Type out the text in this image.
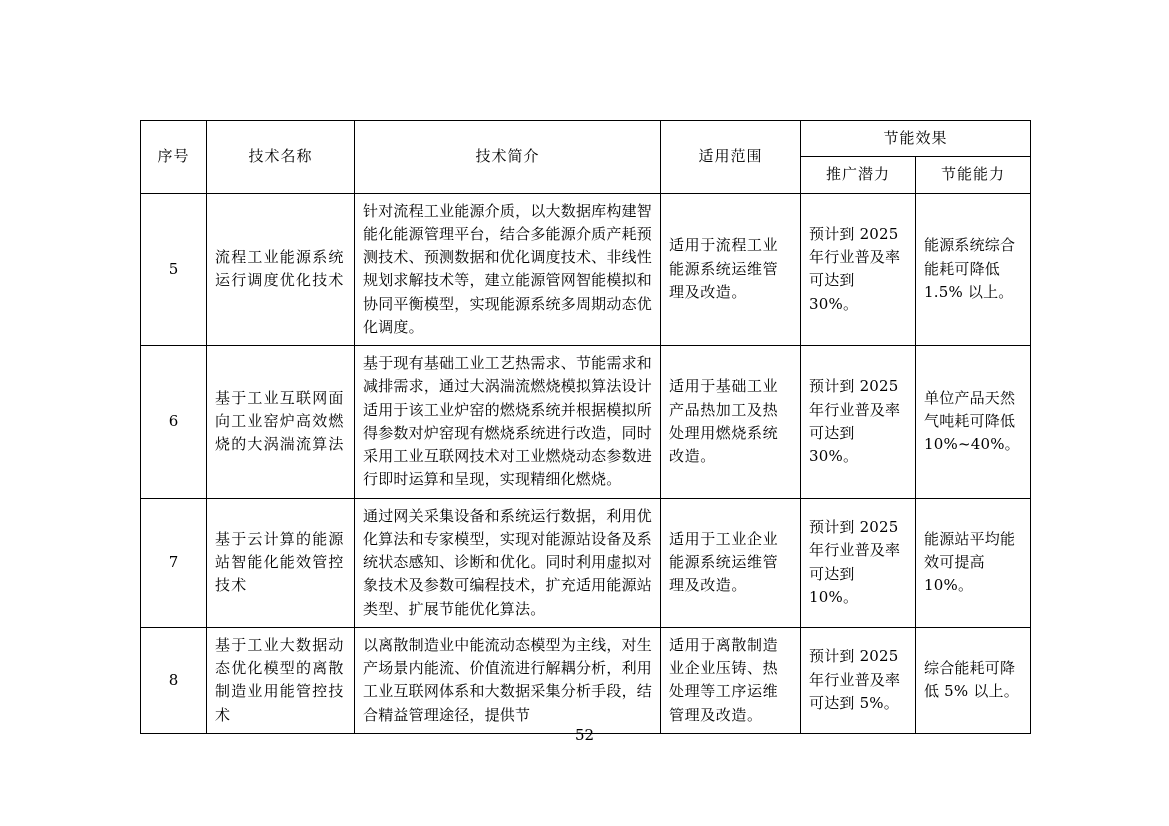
序号	技术名称	技术简介	适用范围	节能效果	
				推广潜力	节能能力
5	流程工业能源系统运行调度优化技术	针对流程工业能源介质，以大数据库构建智能化能源管理平台，结合多能源介质产耗预测技术、预测数据和优化调度技术、非线性规划求解技术等，建立能源管网智能模拟和协同平衡模型，实现能源系统多周期动态优化调度。	适用于流程工业能源系统运维管理及改造。	预计到 2025 年行业普及率可达到 30%。	能源系统综合能耗可降低 1.5% 以上。
6	基于工业互联网面向工业窑炉高效燃烧的大涡湍流算法	基于现有基础工业工艺热需求、节能需求和减排需求，通过大涡湍流燃烧模拟算法设计适用于该工业炉窑的燃烧系统并根据模拟所得参数对炉窑现有燃烧系统进行改造，同时采用工业互联网技术对工业燃烧动态参数进行即时运算和呈现，实现精细化燃烧。	适用于基础工业产品热加工及热处理用燃烧系统改造。	预计到 2025 年行业普及率可达到 30%。	单位产品天然气吨耗可降低10%~40%。
7	基于云计算的能源站智能化能效管控技术	通过网关采集设备和系统运行数据，利用优化算法和专家模型，实现对能源站设备及系统状态感知、诊断和优化。同时利用虚拟对象技术及参数可编程技术，扩充适用能源站类型、扩展节能优化算法。	适用于工业企业能源系统运维管理及改造。	预计到 2025 年行业普及率可达到 10%。	能源站平均能效可提高10%。
8	基于工业大数据动态优化模型的离散制造业用能管控技术	以离散制造业中能流动态模型为主线，对生产场景内能流、价值流进行解耦分析，利用工业互联网体系和大数据采集分析手段，结合精益管理途径，提供节	适用于离散制造业企业压铸、热处理等工序运维管理及改造。	预计到 2025 年行业普及率可达到 5%。	综合能耗可降低 5% 以上。
52
